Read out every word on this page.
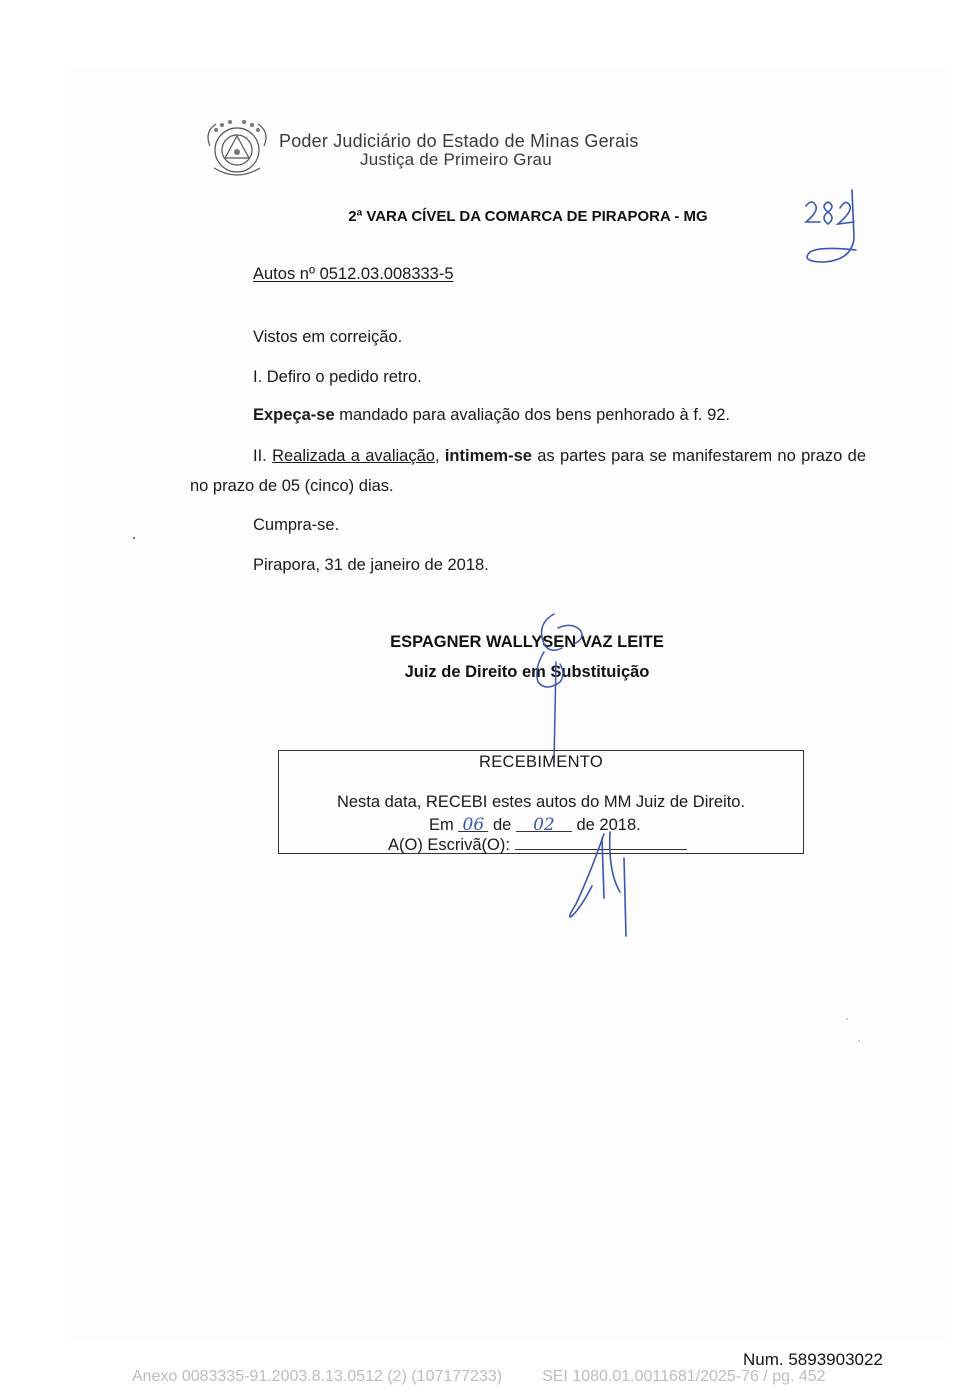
Poder Judiciário do Estado de Minas Gerais
Justiça de Primeiro Grau
2ª VARA CÍVEL DA COMARCA DE PIRAPORA - MG
Autos nº 0512.03.008333-5
Vistos em correição.
I. Defiro o pedido retro.
Expeça-se mandado para avaliação dos bens penhorado à f. 92.
II. Realizada a avaliação, intimem-se as partes para se manifestarem no prazo de no prazo de 05 (cinco) dias.
Cumpra-se.
Pirapora, 31 de janeiro de 2018.
ESPAGNER WALLYSEN VAZ LEITE
Juiz de Direito em Substituição
RECEBIMENTO
Nesta data, RECEBI estes autos do MM Juiz de Direito.
Em 06 de 02 de 2018.
A(O) Escrivã(O):
Num. 5893903022
Anexo 0083335-91.2003.8.13.0512 (2) (107177233)	SEI 1080.01.0011681/2025-76 / pg. 452
